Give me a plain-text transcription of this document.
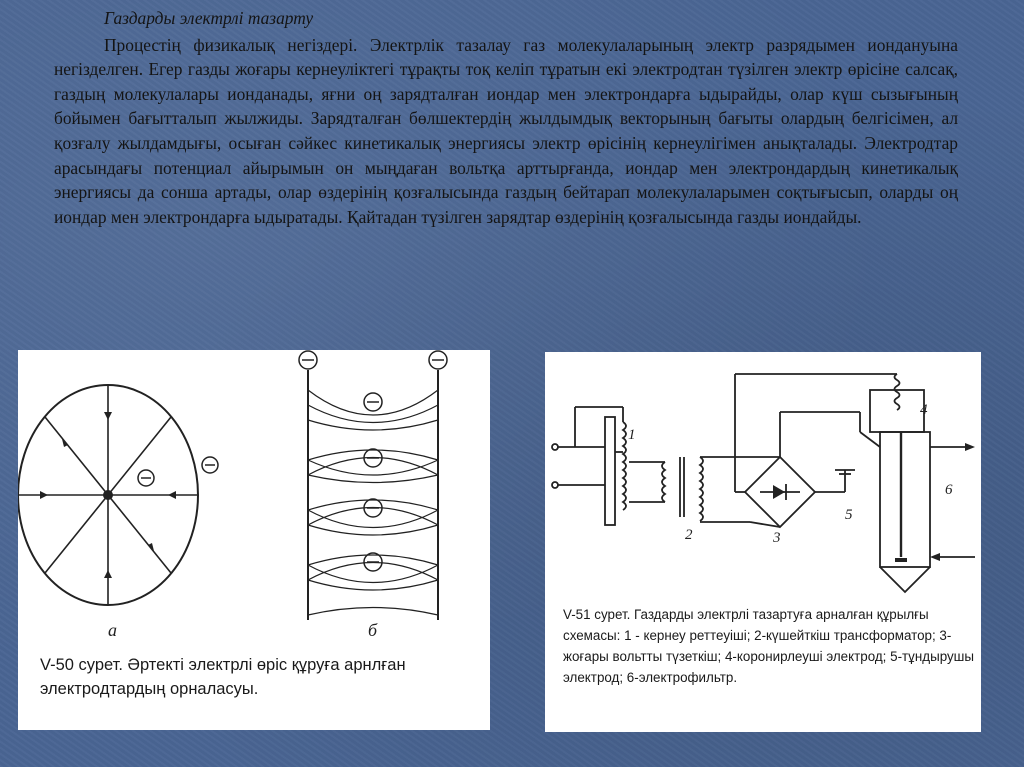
Газдарды электрлі тазарту

Процестің физикалық негіздері. Электрлік тазалау газ молекулаларының электр разрядымен иондануына негізделген. Егер газды жоғары кернеуліктегі тұрақты тоқ келіп тұратын екі электродтан түзілген электр өрісіне салсақ, газдың молекулалары ионданады, яғни оң зарядталған иондар мен электрондарға ыдырайды, олар күш сызығының бойымен бағытталып жылжиды. Зарядталған бөлшектердің жылдымдық векторының бағыты олардың белгісімен, ал қозғалу жылдамдығы, осыған сәйкес кинетикалық энергиясы электр өрісінің кернеулігімен анықталады. Электродтар арасындағы потенциал айырымын он мыңдаған вольтқа арттырғанда, иондар мен электрондардың кинетикалық энергиясы да сонша артады, олар өздерінің қозғалысында газдың бейтарап молекулаларымен соқтығысып, оларды оң иондар мен электрондарға ыдыратады. Қайтадан түзілген зарядтар өздерінің қозғалысында газды иондайды.

а	б
V-50 сурет. Әртекті электрлі өріс құруға арнлған электродтардың орналасуы.
1
2	3
4
5
6
V-51 сурет. Газдарды электрлі тазартуға арналған құрылғы схемасы: 1 - кернеу реттеуіші; 2-күшейткіш трансформатор; 3-жоғары вольтты түзеткіш; 4-коронирлеуші электрод; 5-тұндырушы электрод; 6-электрофильтр.
